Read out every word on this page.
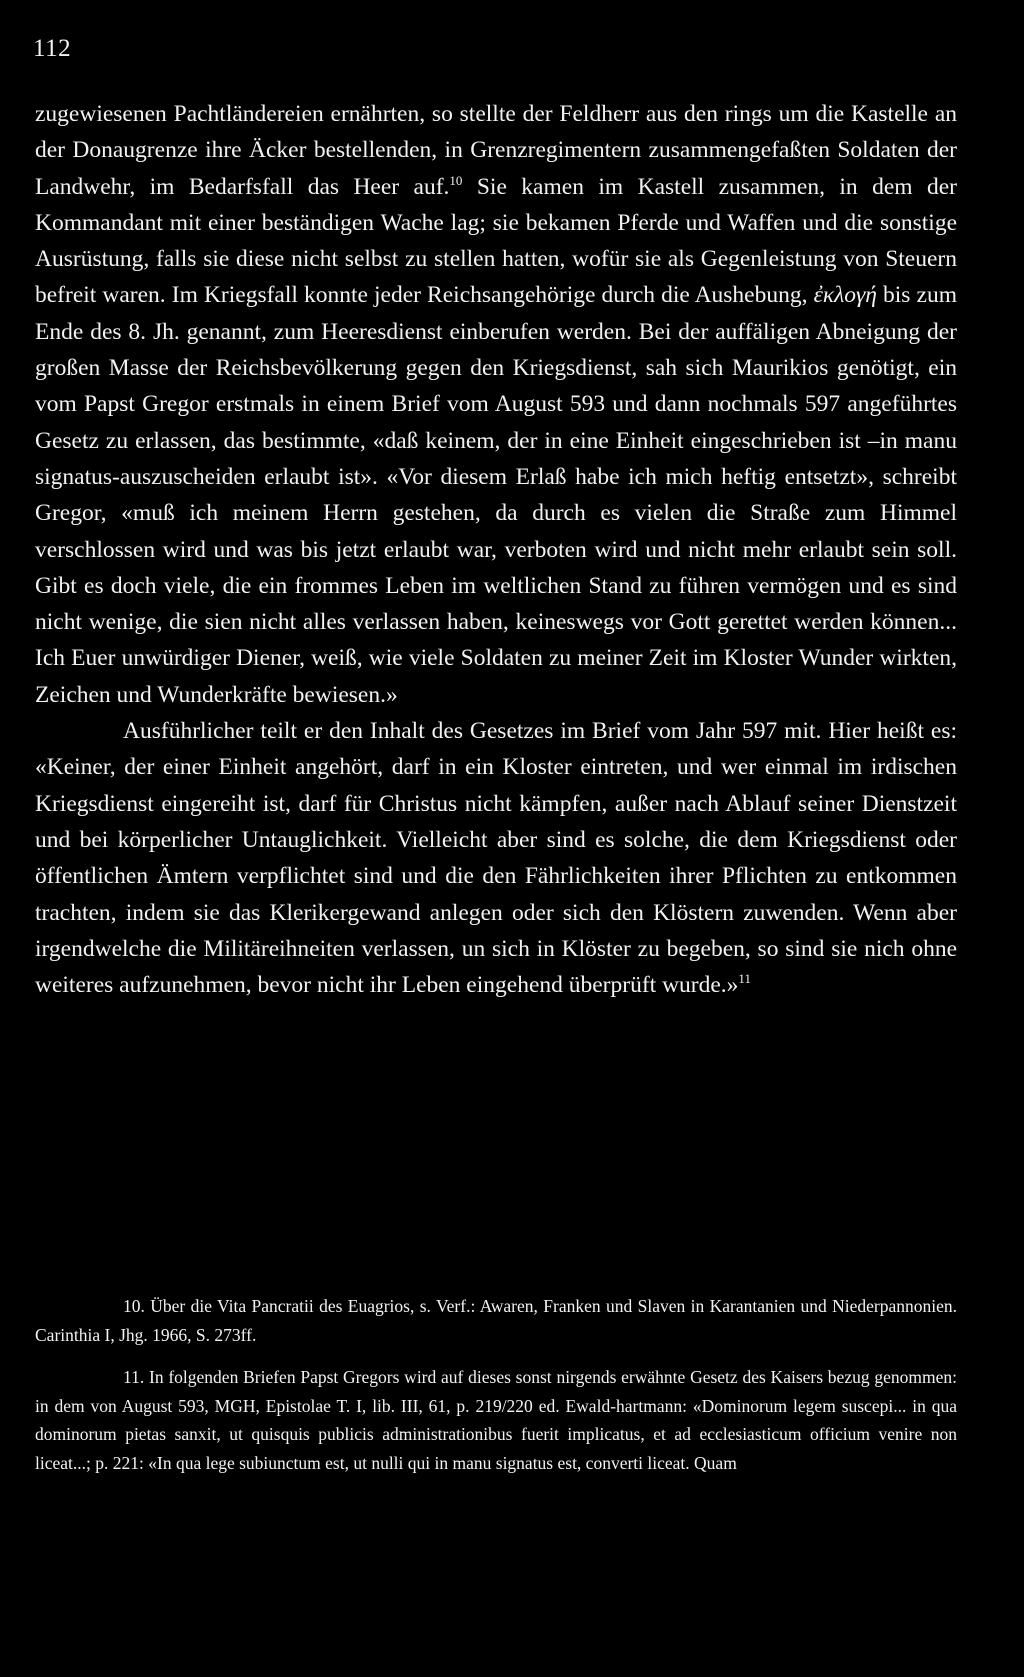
112

zugewiesenen Pachtländereien ernährten, so stellte der Feldherr aus den rings um die Kastelle an der Donaugrenze ihre Äcker bestellenden, in Grenzregimentern zusammengefaßten Soldaten der Landwehr, im Bedarfsfall das Heer auf.$^{10}$ Sie kamen im Kastell zusammen, in dem der Kommandant mit einer beständigen Wache lag; sie bekamen Pferde und Waffen und die sonstige Ausrüstung, falls sie diese nicht selbst zu stellen hatten, wofür sie als Gegenleistung von Steuern befreit waren. Im Kriegsfall konnte jeder Reichsangehörige durch die Aushebung, ἐκλογή bis zum Ende des 8. Jh. genannt, zum Heeresdienst einberufen werden. Bei der auffäligen Abneigung der großen Masse der Reichsbevölkerung gegen den Kriegsdienst, sah sich Maurikios genötigt, ein vom Papst Gregor erstmals in einem Brief vom August 593 und dann nochmals 597 angeführtes Gesetz zu erlassen, das bestimmte, «daß keinem, der in eine Einheit eingeschrieben ist –in manu signatus-auszuscheiden erlaubt ist». «Vor diesem Erlaß habe ich mich heftig entsetzt», schreibt Gregor, «muß ich meinem Herrn gestehen, da durch es vielen die Straße zum Himmel verschlossen wird und was bis jetzt erlaubt war, verboten wird und nicht mehr erlaubt sein soll. Gibt es doch viele, die ein frommes Leben im weltlichen Stand zu führen vermögen und es sind nicht wenige, die sien nicht alles verlassen haben, keineswegs vor Gott gerettet werden können... Ich Euer unwürdiger Diener, weiß, wie viele Soldaten zu meiner Zeit im Kloster Wunder wirkten, Zeichen und Wunderkräfte bewiesen.»

Ausführlicher teilt er den Inhalt des Gesetzes im Brief vom Jahr 597 mit. Hier heißt es: «Keiner, der einer Einheit angehört, darf in ein Kloster eintreten, und wer einmal im irdischen Kriegsdienst eingereiht ist, darf für Christus nicht kämpfen, außer nach Ablauf seiner Dienstzeit und bei körperlicher Untauglichkeit. Vielleicht aber sind es solche, die dem Kriegsdienst oder öffentlichen Ämtern verpflichtet sind und die den Fährlichkeiten ihrer Pflichten zu entkommen trachten, indem sie das Klerikergewand anlegen oder sich den Klöstern zuwenden. Wenn aber irgendwelche die Militäreihneiten verlassen, un sich in Klöster zu begeben, so sind sie nich ohne weiteres aufzunehmen, bevor nicht ihr Leben eingehend überprüft wurde.»$^{11}$

10. Über die Vita Pancratii des Euagrios, s. Verf.: Awaren, Franken und Slaven in Karantanien und Niederpannonien. Carinthia I, Jhg. 1966, S. 273ff.

11. In folgenden Briefen Papst Gregors wird auf dieses sonst nirgends erwähnte Gesetz des Kaisers bezug genommen: in dem von August 593, MGH, Epistolae T. I, lib. III, 61, p. 219/220 ed. Ewald-hartmann: «Dominorum legem suscepi... in qua dominorum pietas sanxit, ut quisquis publicis administrationibus fuerit implicatus, et ad ecclesiasticum officium venire non liceat...; p. 221: «In qua lege subiunctum est, ut nulli qui in manu signatus est, converti liceat. Quam
